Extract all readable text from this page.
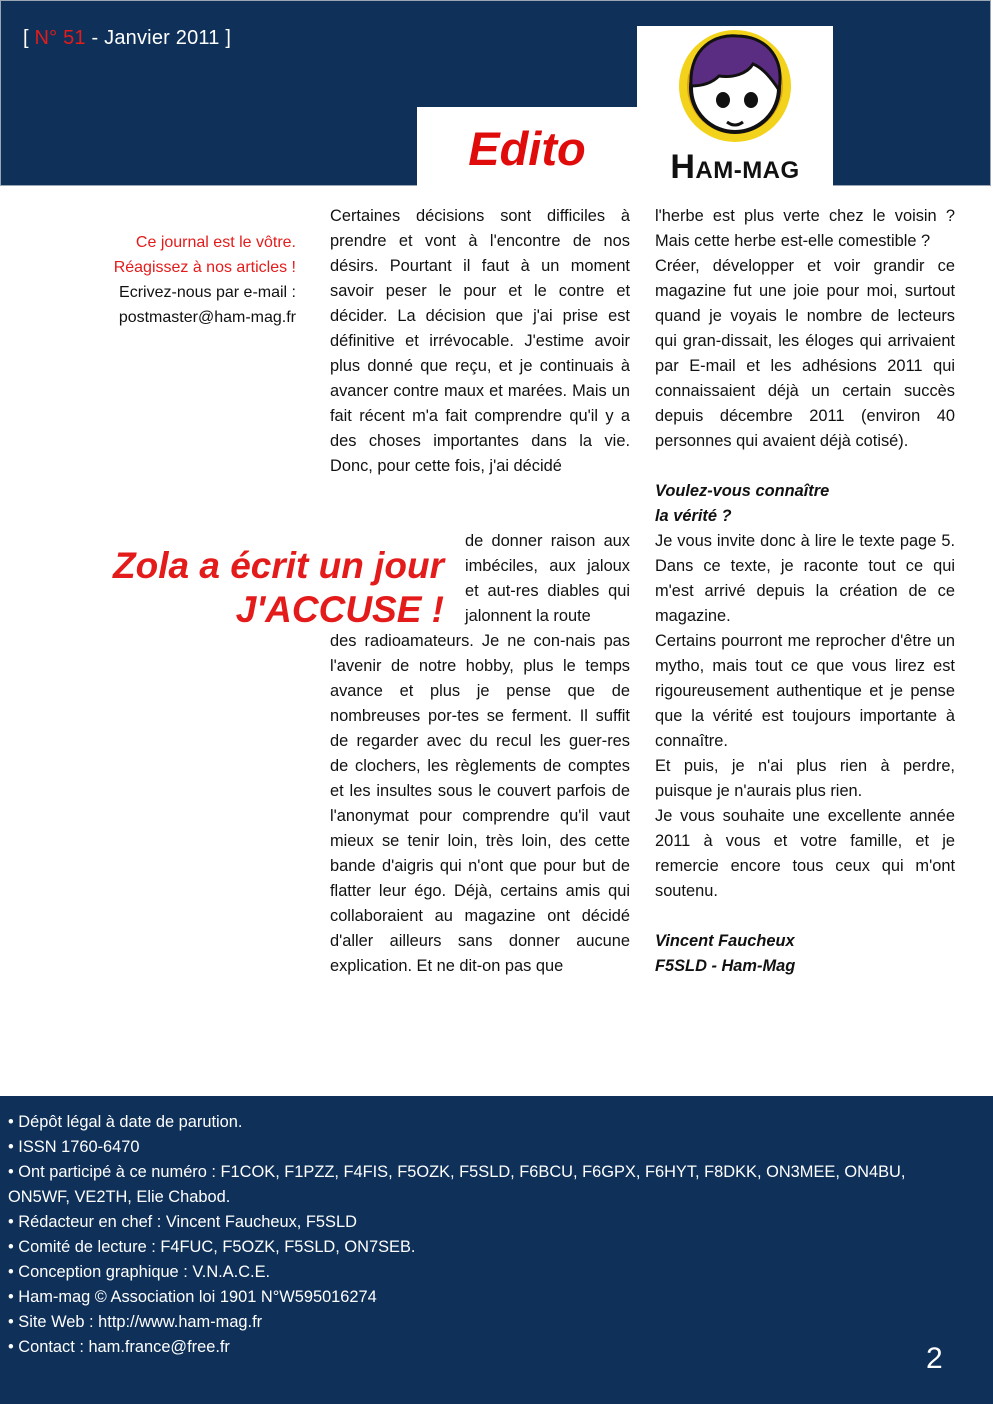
[ N° 51 - Janvier 2011 ]
Edito	HAM-MAG
Ce journal est le vôtre.
Réagissez à nos articles !
Ecrivez-nous par e-mail :
postmaster@ham-mag.fr
Zola a écrit un jour
J'ACCUSE !

Certaines décisions sont difficiles à prendre et vont à l'encontre de nos désirs. Pourtant il faut à un moment savoir peser le pour et le contre et décider. La décision que j'ai prise est définitive et irrévocable. J'estime avoir plus donné que reçu, et je continuais à avancer contre maux et marées. Mais un fait récent m'a fait comprendre qu'il y a des choses importantes dans la vie. Donc, pour cette fois, j'ai décidé

de donner raison aux imbéciles, aux jaloux et aut-res diables qui jalonnent la route

des radioamateurs. Je ne con-nais pas l'avenir de notre hobby, plus le temps avance et plus je pense que de nombreuses por-tes se ferment. Il suffit de regarder avec du recul les guer-res de clochers, les règlements de comptes et les insultes sous le couvert parfois de l'anonymat pour comprendre qu'il vaut mieux se tenir loin, très loin, des cette bande d'aigris qui n'ont que pour but de flatter leur égo. Déjà, certains amis qui collaboraient au magazine ont décidé d'aller ailleurs sans donner aucune explication. Et ne dit-on pas que

l'herbe est plus verte chez le voisin ? Mais cette herbe est-elle comestible ?

Créer, développer et voir grandir ce magazine fut une joie pour moi, surtout quand je voyais le nombre de lecteurs qui gran-dissait, les éloges qui arrivaient par E-mail et les adhésions 2011 qui connaissaient déjà un certain succès depuis décembre 2011 (environ 40 personnes qui avaient déjà cotisé).

Voulez-vous connaître

la vérité ?

Je vous invite donc à lire le texte page 5. Dans ce texte, je raconte tout ce qui m'est arrivé depuis la création de ce magazine.

Certains pourront me reprocher d'être un mytho, mais tout ce que vous lirez est rigoureusement authentique et je pense que la vérité est toujours importante à connaître.

Et puis, je n'ai plus rien à perdre, puisque je n'aurais plus rien.

Je vous souhaite une excellente année 2011 à vous et votre famille, et je remercie encore tous ceux qui m'ont soutenu.

Vincent Faucheux

F5SLD - Ham-Mag

• Dépôt légal à date de parution.
• ISSN 1760-6470
• Ont participé à ce numéro : F1COK, F1PZZ, F4FIS, F5OZK, F5SLD, F6BCU, F6GPX, F6HYT, F8DKK, ON3MEE, ON4BU, ON5WF, VE2TH, Elie Chabod.
• Rédacteur en chef : Vincent Faucheux, F5SLD
• Comité de lecture : F4FUC, F5OZK, F5SLD, ON7SEB.
• Conception graphique : V.N.A.C.E.
• Ham-mag © Association loi 1901 N°W595016274
• Site Web : http://www.ham-mag.fr
• Contact : ham.france@free.fr	2
